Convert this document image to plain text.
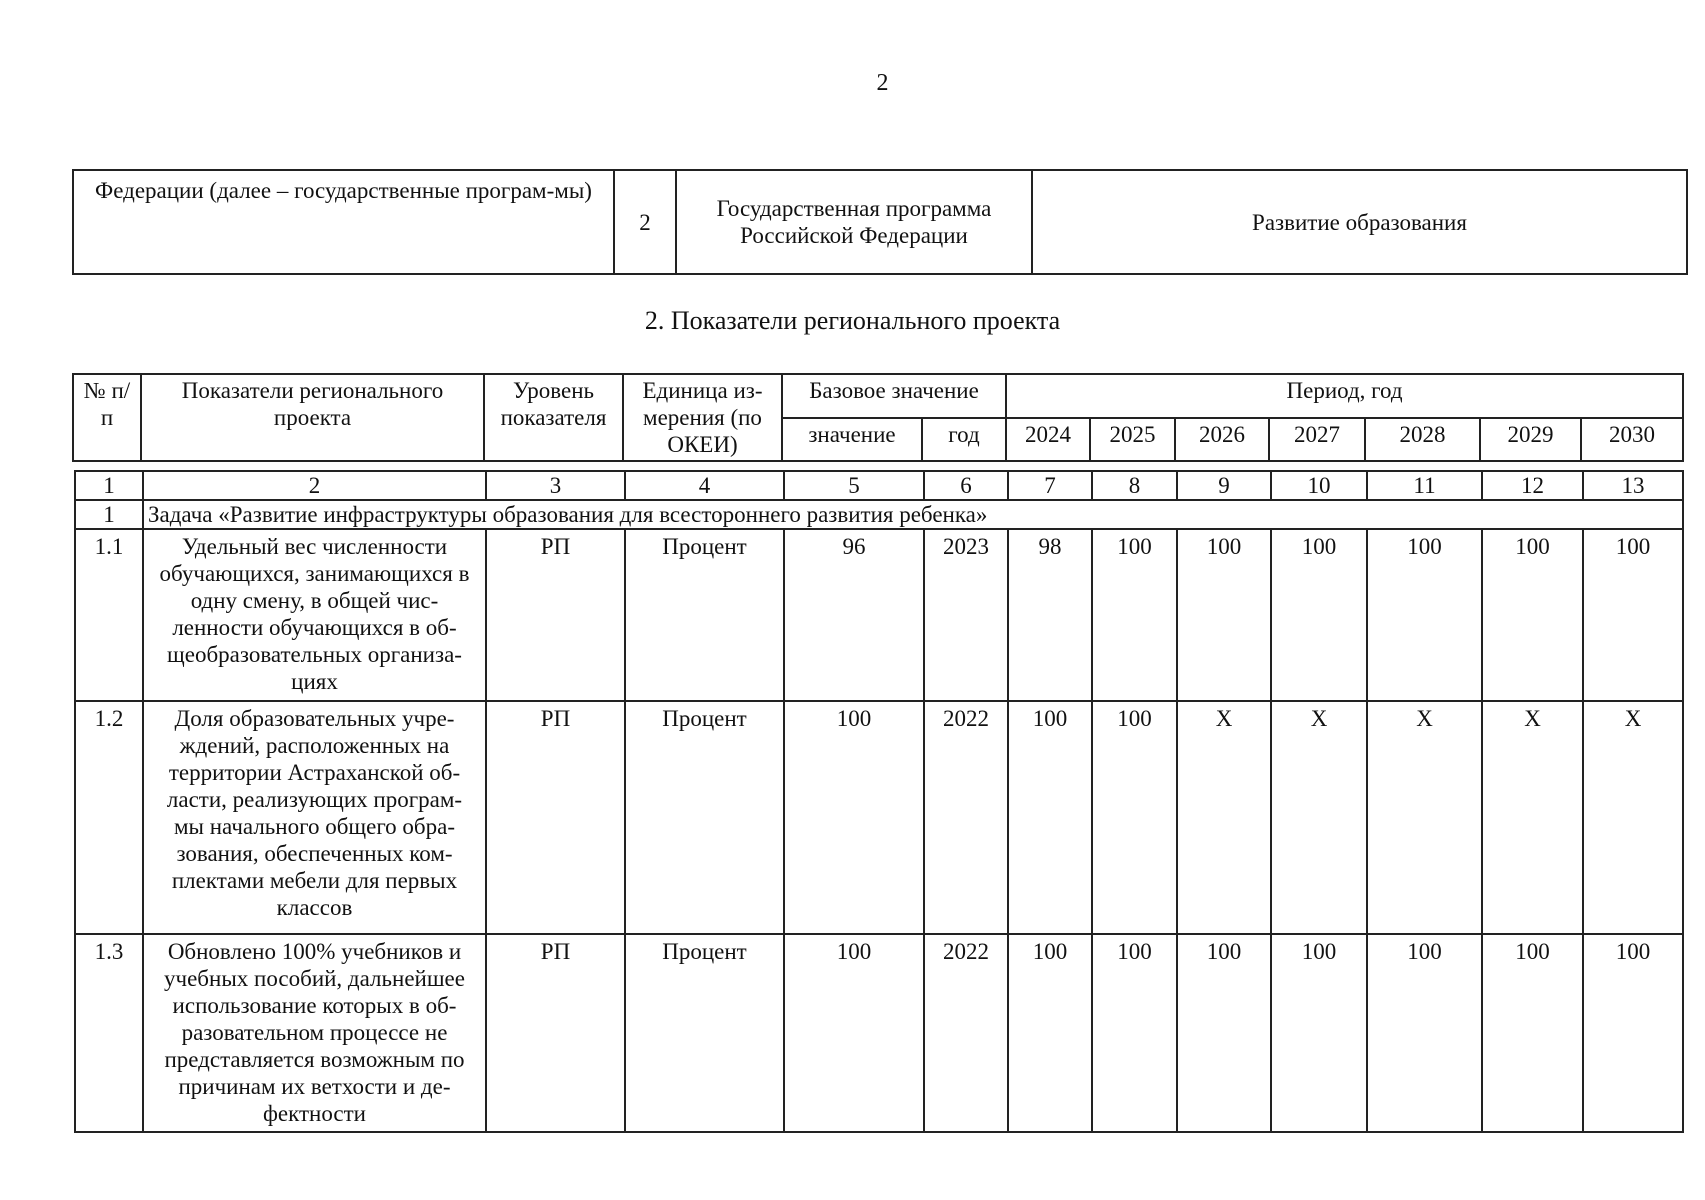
2
Федерации (далее – государственные програм-мы)	2	Государственная программа Российской Федерации	Развитие образования
2. Показатели регионального проекта
№ п/п	Показатели регионального проекта	Уровень показателя	Единица из-мерения (по ОКЕИ)	Базовое значение		Период, год						
				значение	год	2024	2025	2026	2027	2028	2029	2030
1	2	3	4	5	6	7	8	9	10	11	12	13
1	Задача «Развитие инфраструктуры образования для всестороннего развития ребенка»											
1.1	Удельный вес численности обучающихся, занимающихся в одну смену, в общей чис-ленности обучающихся в об-щеобразовательных организа-циях	РП	Процент	96	2023	98	100	100	100	100	100	100
1.2	Доля образовательных учре-ждений, расположенных на территории Астраханской об-ласти, реализующих програм-мы начального общего обра-зования, обеспеченных ком-плектами мебели для первых классов	РП	Процент	100	2022	100	100	X	X	X	X	X
1.3	Обновлено 100% учебников и учебных пособий, дальнейшее использование которых в об-разовательном процессе не представляется возможным по причинам их ветхости и де-фектности	РП	Процент	100	2022	100	100	100	100	100	100	100
